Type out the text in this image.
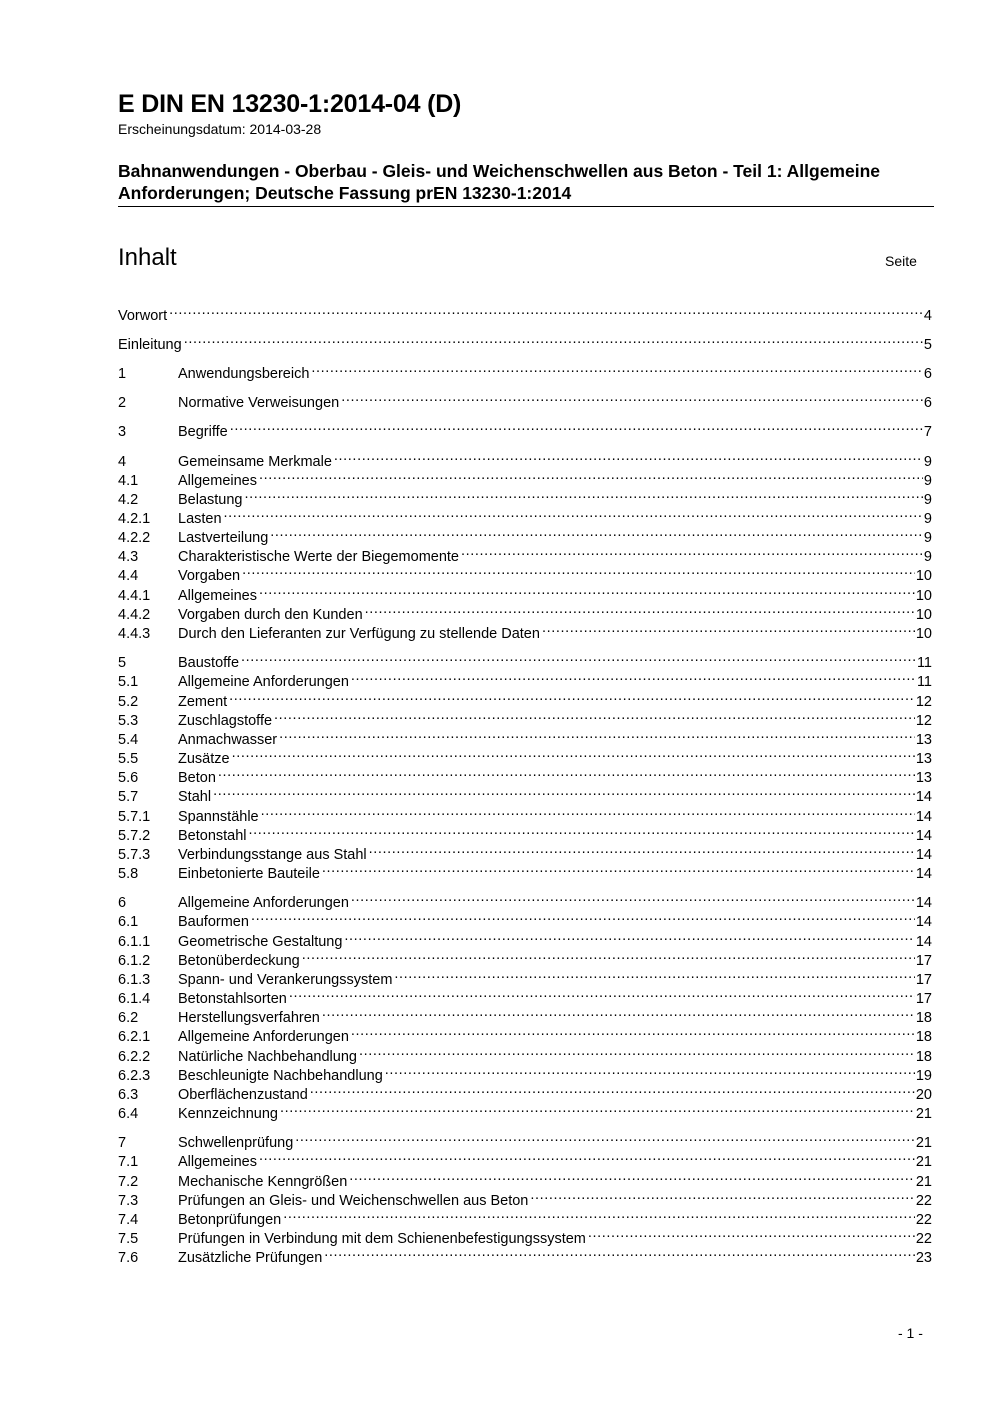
E DIN EN 13230-1:2014-04 (D)
Erscheinungsdatum: 2014-03-28
Bahnanwendungen - Oberbau - Gleis- und Weichenschwellen aus Beton - Teil 1: Allgemeine Anforderungen; Deutsche Fassung prEN 13230-1:2014
Inhalt	Seite
Vorwort .....	4
Einleitung .....	5
1	Anwendungsbereich .....	6
2	Normative Verweisungen .....	6
3	Begriffe .....	7
4	Gemeinsame Merkmale .....	9
4.1	Allgemeines .....	9
4.2	Belastung .....	9
4.2.1	Lasten .....	9
4.2.2	Lastverteilung .....	9
4.3	Charakteristische Werte der Biegemomente .....	9
4.4	Vorgaben .....	10
4.4.1	Allgemeines .....	10
4.4.2	Vorgaben durch den Kunden .....	10
4.4.3	Durch den Lieferanten zur Verfügung zu stellende Daten .....	10
5	Baustoffe .....	11
5.1	Allgemeine Anforderungen .....	11
5.2	Zement .....	12
5.3	Zuschlagstoffe .....	12
5.4	Anmachwasser .....	13
5.5	Zusätze .....	13
5.6	Beton .....	13
5.7	Stahl .....	14
5.7.1	Spannstähle .....	14
5.7.2	Betonstahl .....	14
5.7.3	Verbindungsstange aus Stahl .....	14
5.8	Einbetonierte Bauteile .....	14
6	Allgemeine Anforderungen .....	14
6.1	Bauformen .....	14
6.1.1	Geometrische Gestaltung .....	14
6.1.2	Betonüberdeckung .....	17
6.1.3	Spann- und Verankerungssystem .....	17
6.1.4	Betonstahlsorten .....	17
6.2	Herstellungsverfahren .....	18
6.2.1	Allgemeine Anforderungen .....	18
6.2.2	Natürliche Nachbehandlung .....	18
6.2.3	Beschleunigte Nachbehandlung .....	19
6.3	Oberflächenzustand .....	20
6.4	Kennzeichnung .....	21
7	Schwellenprüfung .....	21
7.1	Allgemeines .....	21
7.2	Mechanische Kenngrößen .....	21
7.3	Prüfungen an Gleis- und Weichenschwellen aus Beton .....	22
7.4	Betonprüfungen .....	22
7.5	Prüfungen in Verbindung mit dem Schienenbefestigungssystem .....	22
7.6	Zusätzliche Prüfungen .....	23
- 1 -
